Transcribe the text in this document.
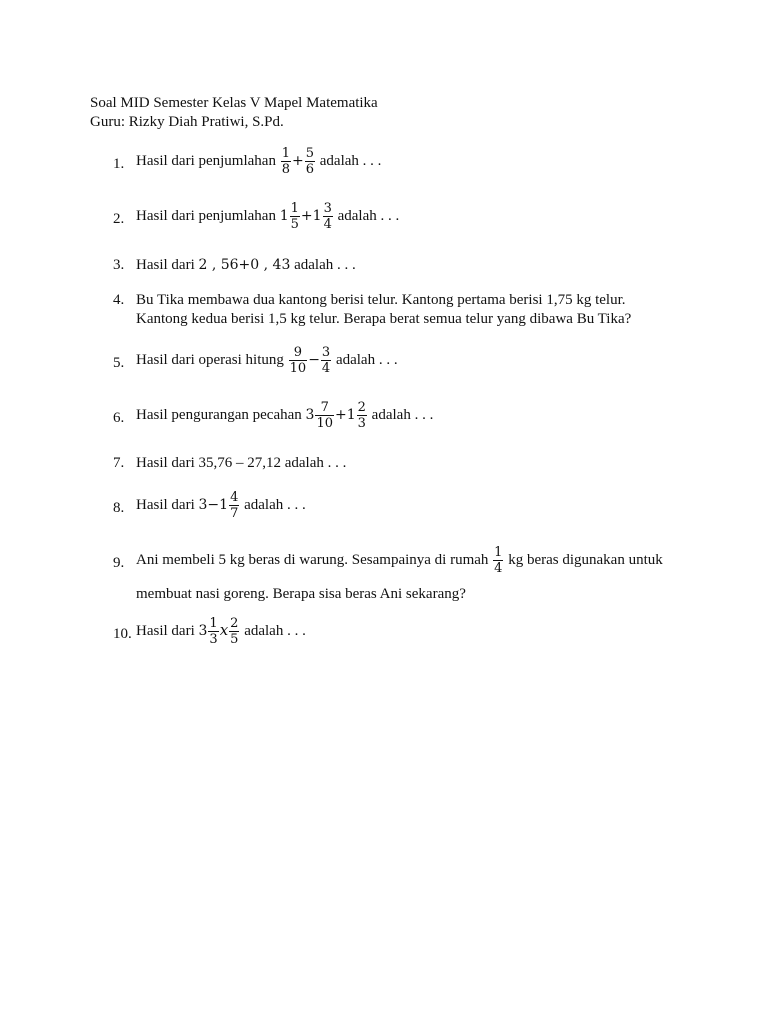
Soal MID Semester Kelas V Mapel Matematika
Guru: Rizky Diah Pratiwi, S.Pd.
1. Hasil dari penjumlahan $\frac{1}{8} + \frac{5}{6}$ adalah . . .
2. Hasil dari penjumlahan $1 \frac{1}{5} +1 \frac{3}{4}$ adalah . . .
3. Hasil dari 2 , 56+0 , 43 adalah . . .
4. Bu Tika membawa dua kantong berisi telur. Kantong pertama berisi 1,75 kg telur.
Kantong kedua berisi 1,5 kg telur. Berapa berat semua telur yang dibawa Bu Tika?
5. Hasil dari operasi hitung $\frac{9}{10} - \frac{3}{4}$ adalah . . .
6. Hasil pengurangan pecahan $3 \frac{7}{10} +1 \frac{2}{3}$ adalah . . .
7. Hasil dari 35,76 – 27,12 adalah . . .
8. Hasil dari $3-1 \frac{4}{7}$ adalah . . .
9. Ani membeli 5 kg beras di warung. Sesampainya di rumah $\frac{1}{4}$ kg beras digunakan untuk
membuat nasi goreng. Berapa sisa beras Ani sekarang?
10. Hasil dari $3 \frac{1}{3}$ x $\frac{2}{5}$ adalah . . .
